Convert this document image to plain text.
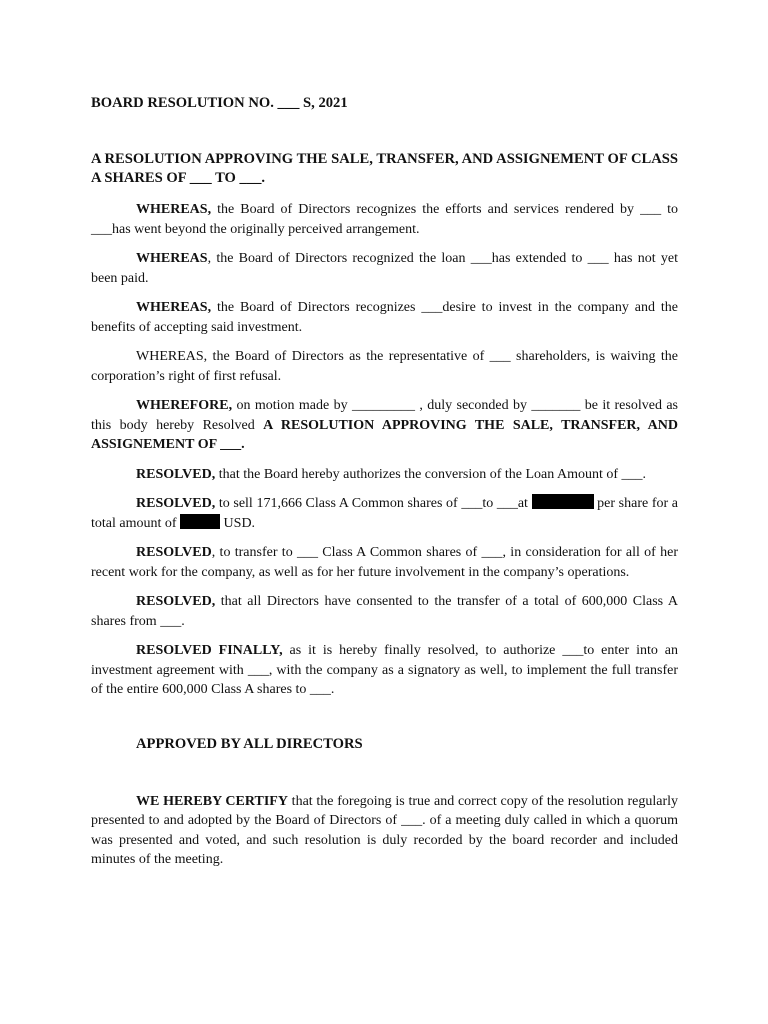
BOARD RESOLUTION NO. ___ S, 2021
A RESOLUTION APPROVING THE SALE, TRANSFER, AND ASSIGNEMENT OF CLASS A SHARES OF ___ TO ___.

WHEREAS, the Board of Directors recognizes the efforts and services rendered by ___ to ___has went beyond the originally perceived arrangement.

WHEREAS, the Board of Directors recognized the loan ___has extended to ___ has not yet been paid.

WHEREAS, the Board of Directors recognizes ___desire to invest in the company and the benefits of accepting said investment.

WHEREAS, the Board of Directors as the representative of ___ shareholders, is waiving the corporation’s right of first refusal.

WHEREFORE, on motion made by _________ , duly seconded by _______ be it resolved as this body hereby Resolved A RESOLUTION APPROVING THE SALE, TRANSFER, AND ASSIGNEMENT OF ___.

RESOLVED, that the Board hereby authorizes the conversion of the Loan Amount of ___.

RESOLVED, to sell 171,666 Class A Common shares of ___to ___at	per share for a total amount of	USD.

RESOLVED, to transfer to ___ Class A Common shares of ___, in consideration for all of her recent work for the company, as well as for her future involvement in the company’s operations.

RESOLVED, that all Directors have consented to the transfer of a total of 600,000 Class A shares from ___.

RESOLVED FINALLY, as it is hereby finally resolved, to authorize ___to enter into an investment agreement with ___, with the company as a signatory as well, to implement the full transfer of the entire 600,000 Class A shares to ___.

APPROVED BY ALL DIRECTORS

WE HEREBY CERTIFY that the foregoing is true and correct copy of the resolution regularly presented to and adopted by the Board of Directors of ___. of a meeting duly called in which a quorum was presented and voted, and such resolution is duly recorded by the board recorder and included minutes of the meeting.
